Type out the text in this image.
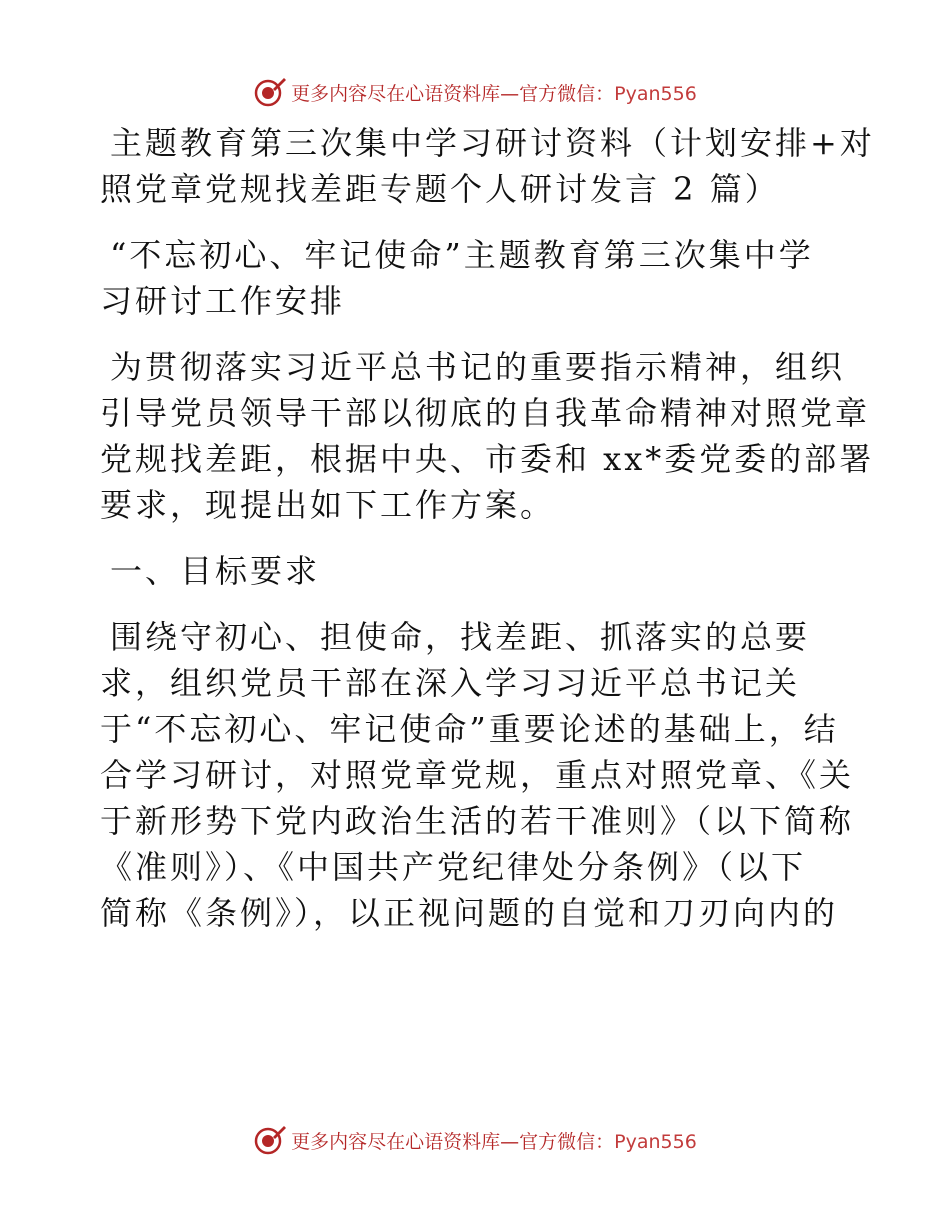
更多内容尽在心语资料库—官方微信：Pyan556

主题教育第三次集中学习研讨资料（计划安排+对

照党章党规找差距专题个人研讨发言 2 篇）

“不忘初心、牢记使命”主题教育第三次集中学

习研讨工作安排

为贯彻落实习近平总书记的重要指示精神，组织

引导党员领导干部以彻底的自我革命精神对照党章

党规找差距，根据中央、市委和 xx*委党委的部署

要求，现提出如下工作方案。

一、目标要求

围绕守初心、担使命，找差距、抓落实的总要

求，组织党员干部在深入学习习近平总书记关

于“不忘初心、牢记使命”重要论述的基础上，结

合学习研讨，对照党章党规，重点对照党章、《关

于新形势下党内政治生活的若干准则》（以下简称

《准则》）、《中国共产党纪律处分条例》（以下

简称《条例》），以正视问题的自觉和刀刃向内的

更多内容尽在心语资料库—官方微信：Pyan556
